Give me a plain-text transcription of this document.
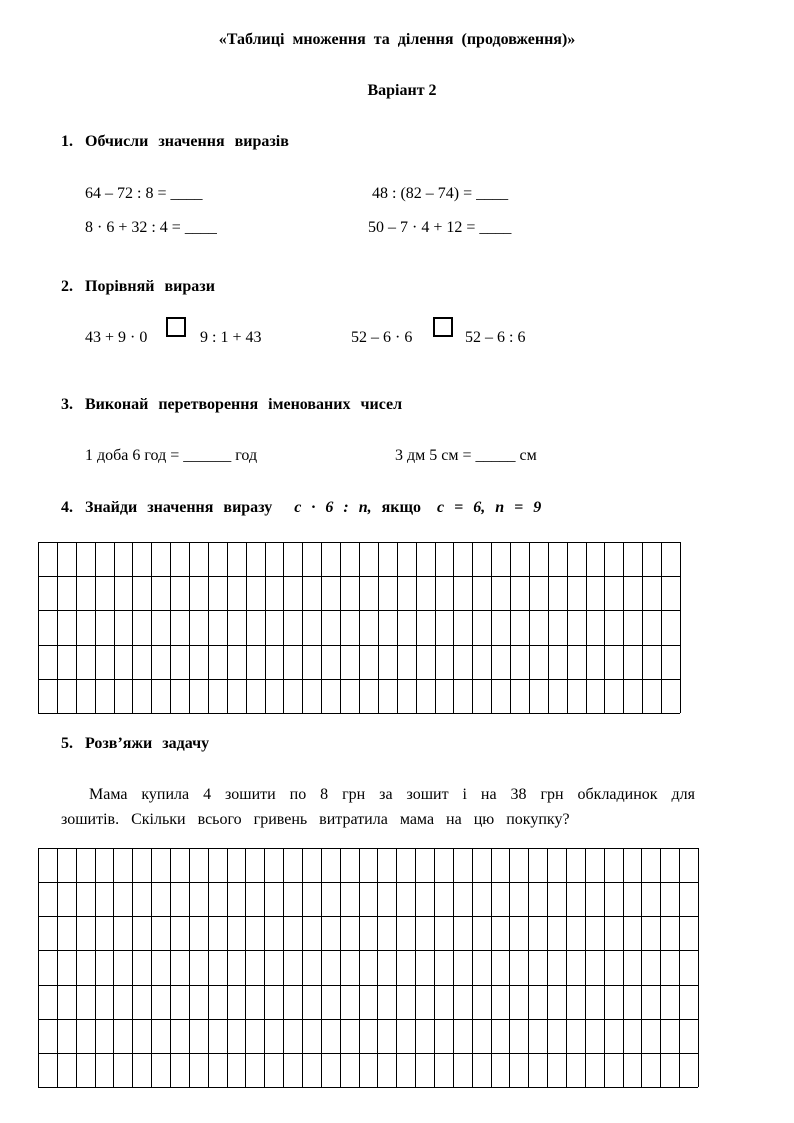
«Таблиці множення та ділення (продовження)»
Варіант 2
1. Обчисли значення виразів
64 – 72 : 8 = ____	48 : (82 – 74) = ____
8 · 6 + 32 : 4 = ____	50 – 7 · 4 + 12 = ____
2. Порівняй вирази
43 + 9 · 0	9 : 1 + 43	52 – 6 · 6	52 – 6 : 6
3. Виконай перетворення іменованих чисел
1 доба 6 год = ______ год	3 дм 5 см = _____ см
4. Знайди значення виразу c · 6 : n, якщо c = 6, n = 9
5. Розв’яжи задачу
Мама купила 4 зошити по 8 грн за зошит і на 38 грн обкладинок для
зошитів. Скільки всього гривень витратила мама на цю покупку?
